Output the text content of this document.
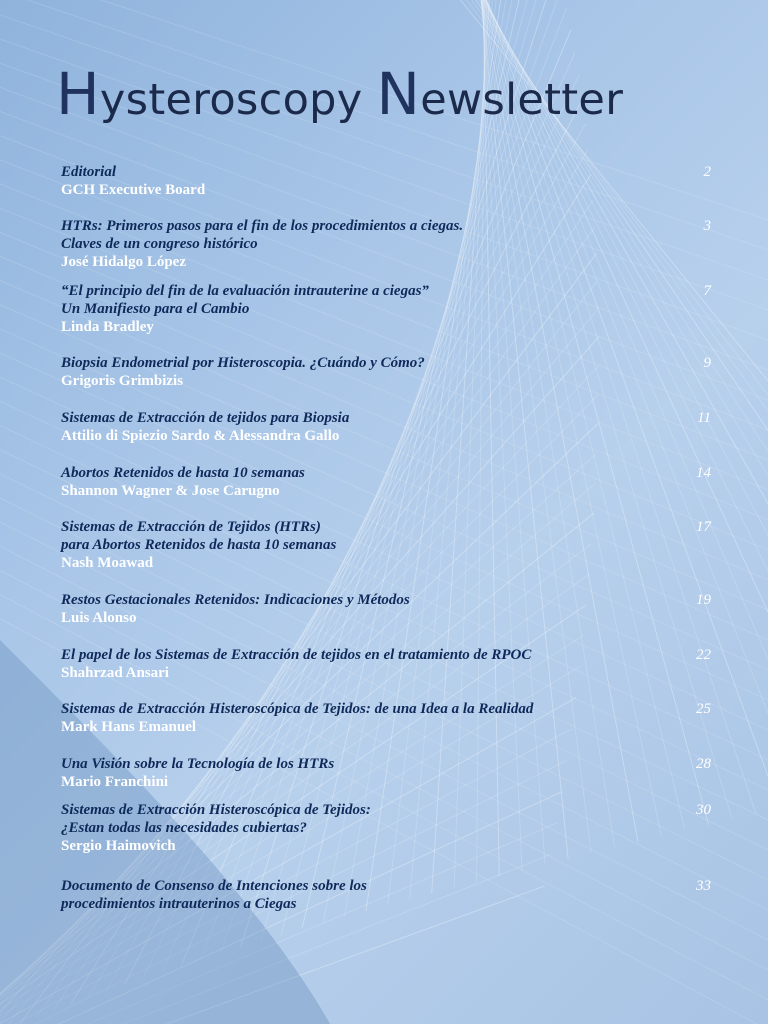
Hysteroscopy Newsletter
Editorial
GCH Executive Board
2
HTRs: Primeros pasos para el fin de los procedimientos a ciegas.
Claves de un congreso histórico
José Hidalgo López
3
“El principio del fin de la evaluación intrauterine a ciegas”
Un Manifiesto para el Cambio
Linda Bradley
7
Biopsia Endometrial por Histeroscopia. ¿Cuándo y Cómo?
Grigoris Grimbizis
9
Sistemas de Extracción de tejidos para Biopsia
Attilio di Spiezio Sardo & Alessandra Gallo
11
Abortos Retenidos de hasta 10 semanas
Shannon Wagner & Jose Carugno
14
Sistemas de Extracción de Tejidos (HTRs)
para Abortos Retenidos de hasta 10 semanas
Nash Moawad
17
Restos Gestacionales Retenidos: Indicaciones y Métodos
Luis Alonso
19
El papel de los Sistemas de Extracción de tejidos en el tratamiento de RPOC
Shahrzad Ansari
22
Sistemas de Extracción Histeroscópica de Tejidos: de una Idea a la Realidad
Mark Hans Emanuel
25
Una Visión sobre la Tecnología de los HTRs
Mario Franchini
28
Sistemas de Extracción Histeroscópica de Tejidos:
¿Estan todas las necesidades cubiertas?
Sergio Haimovich
30
Documento de Consenso de Intenciones sobre los
procedimientos intrauterinos a Ciegas
33
